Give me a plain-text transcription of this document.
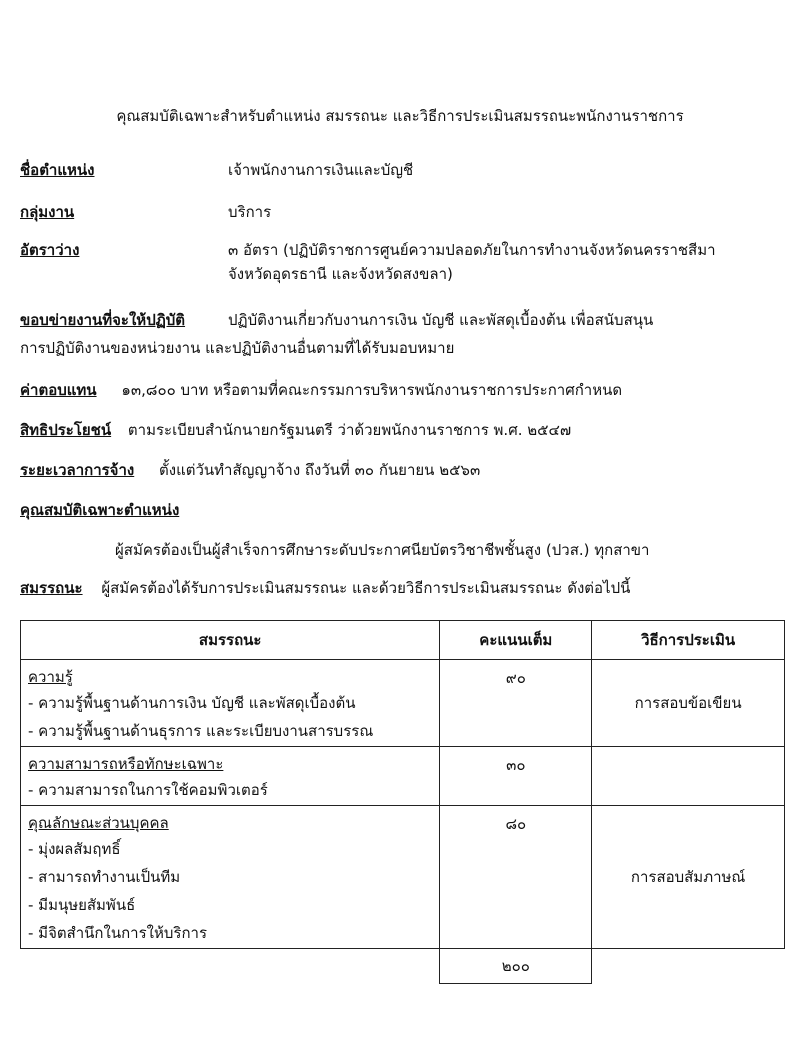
คุณสมบัติเฉพาะสำหรับตำแหน่ง สมรรถนะ และวิธีการประเมินสมรรถนะพนักงานราชการ
ชื่อตำแหน่ง	เจ้าพนักงานการเงินและบัญชี
กลุ่มงาน	บริการ
อัตราว่าง	๓ อัตรา (ปฏิบัติราชการศูนย์ความปลอดภัยในการทำงานจังหวัดนครราชสีมา
จังหวัดอุดรธานี และจังหวัดสงขลา)
ขอบข่ายงานที่จะให้ปฏิบัติ	ปฏิบัติงานเกี่ยวกับงานการเงิน บัญชี และพัสดุเบื้องต้น เพื่อสนับสนุน
การปฏิบัติงานของหน่วยงาน และปฏิบัติงานอื่นตามที่ได้รับมอบหมาย
ค่าตอบแทน ๑๓,๘๐๐ บาท หรือตามที่คณะกรรมการบริหารพนักงานราชการประกาศกำหนด
สิทธิประโยชน์ ตามระเบียบสำนักนายกรัฐมนตรี ว่าด้วยพนักงานราชการ พ.ศ. ๒๕๔๗
ระยะเวลาการจ้าง ตั้งแต่วันทำสัญญาจ้าง ถึงวันที่ ๓๐ กันยายน ๒๕๖๓
คุณสมบัติเฉพาะตำแหน่ง
ผู้สมัครต้องเป็นผู้สำเร็จการศึกษาระดับประกาศนียบัตรวิชาชีพชั้นสูง (ปวส.) ทุกสาขา
สมรรถนะ ผู้สมัครต้องได้รับการประเมินสมรรถนะ และด้วยวิธีการประเมินสมรรถนะ ดังต่อไปนี้
สมรรถนะ	คะแนนเต็ม	วิธีการประเมิน

ความรู้
- ความรู้พื้นฐานด้านการเงิน บัญชี และพัสดุเบื้องต้น
- ความรู้พื้นฐานด้านธุรการ และระเบียบงานสารบรรณ	๙๐	การสอบข้อเขียน

ความสามารถหรือทักษะเฉพาะ
- ความสามารถในการใช้คอมพิวเตอร์	๓๐	

คุณลักษณะส่วนบุคคล
- มุ่งผลสัมฤทธิ์
- สามารถทำงานเป็นทีม
- มีมนุษยสัมพันธ์
- มีจิตสำนึกในการให้บริการ	๘๐	การสอบสัมภาษณ์
	๒๐๐	
